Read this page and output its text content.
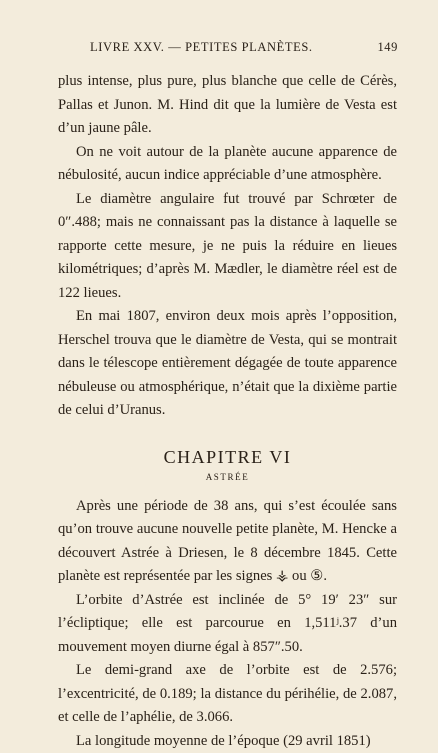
LIVRE XXV. — PETITES PLANÈTES.	149

plus intense, plus pure, plus blanche que celle de Cérès, Pallas et Junon. M. Hind dit que la lumière de Vesta est d’un jaune pâle.

On ne voit autour de la planète aucune apparence de nébulosité, aucun indice appréciable d’une atmosphère.

Le diamètre angulaire fut trouvé par Schrœter de 0″.488; mais ne connaissant pas la distance à laquelle se rapporte cette mesure, je ne puis la réduire en lieues kilométriques; d’après M. Mædler, le diamètre réel est de 122 lieues.

En mai 1807, environ deux mois après l’opposition, Herschel trouva que le diamètre de Vesta, qui se montrait dans le télescope entièrement dégagée de toute apparence nébuleuse ou atmosphérique, n’était que la dixième partie de celui d’Uranus.

CHAPITRE VI
ASTRÉE

Après une période de 38 ans, qui s’est écoulée sans qu’on trouve aucune nouvelle petite planète, M. Hencke a découvert Astrée à Driesen, le 8 décembre 1845. Cette planète est représentée par les signes ⚶ ou ⑤.

L’orbite d’Astrée est inclinée de 5° 19′ 23″ sur l’écliptique; elle est parcourue en 1,511ʲ.37 d’un mouvement moyen diurne égal à 857″.50.

Le demi-grand axe de l’orbite est de 2.576; l’excentricité, de 0.189; la distance du périhélie, de 2.087, et celle de l’aphélie, de 3.066.

La longitude moyenne de l’époque (29 avril 1851)
